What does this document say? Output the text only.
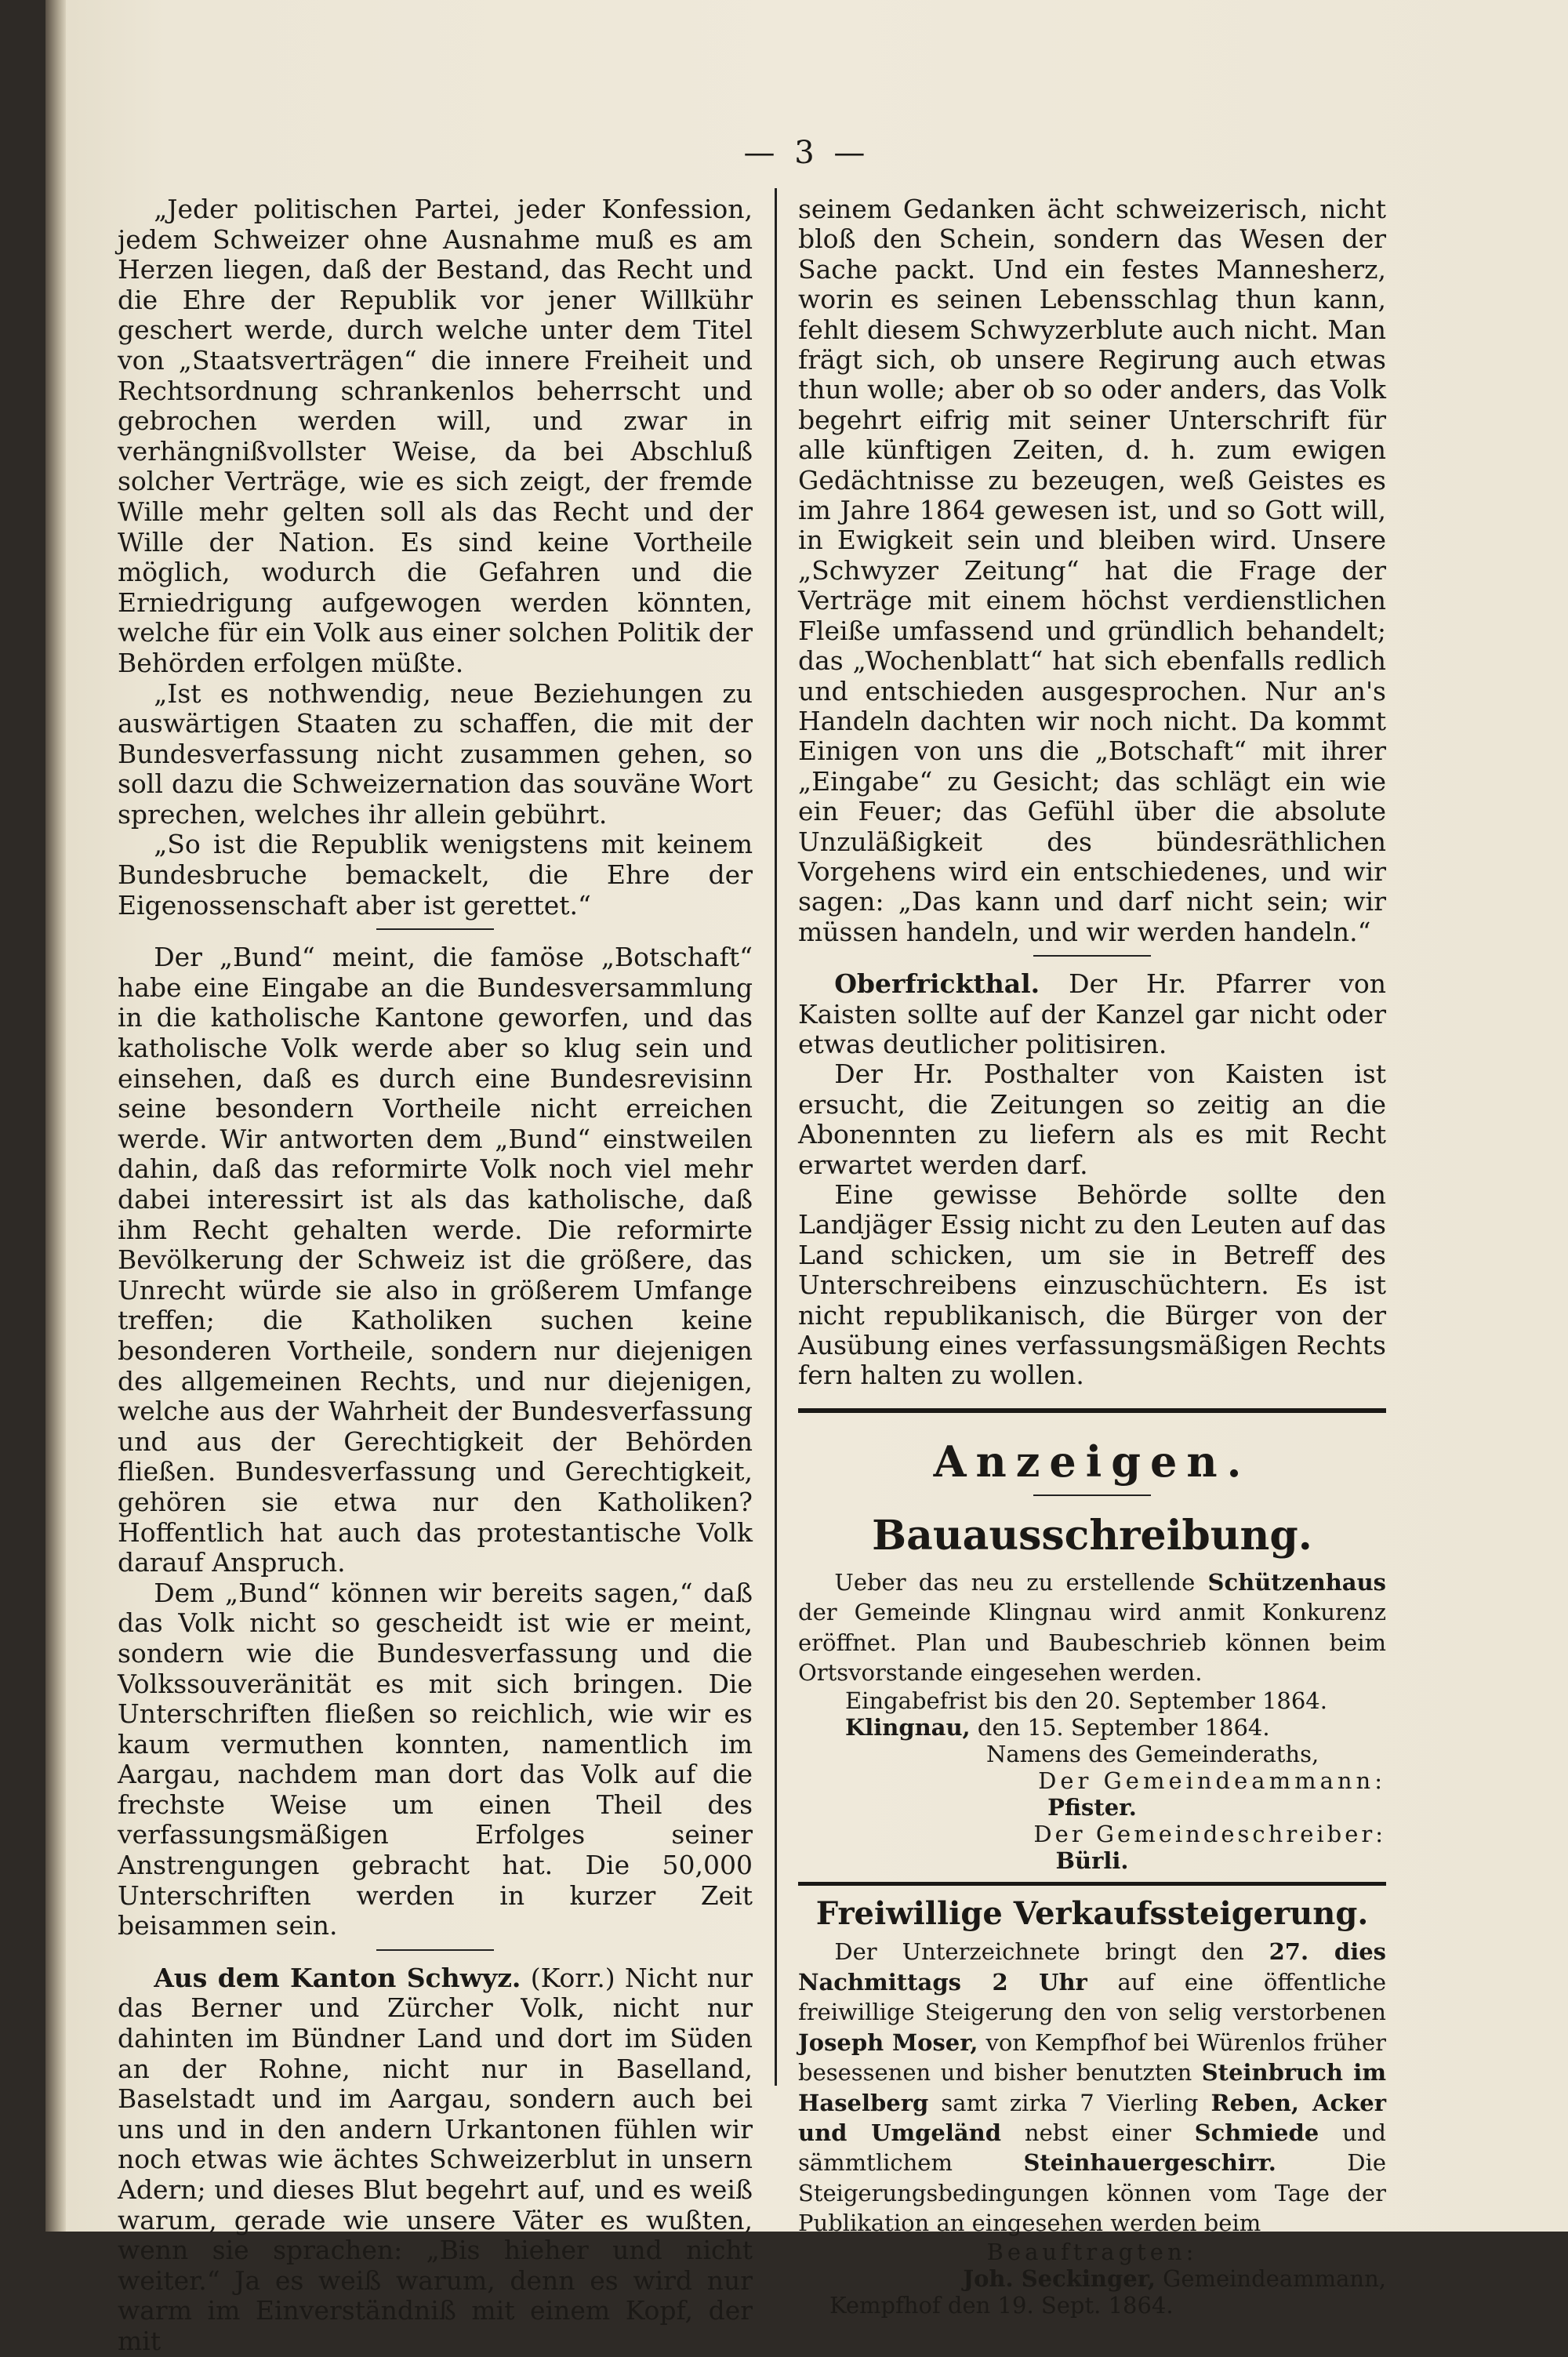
— 3 —

„Jeder politischen Partei, jeder Konfession, jedem Schweizer ohne Ausnahme muß es am Herzen liegen, daß der Bestand, das Recht und die Ehre der Republik vor jener Willkühr geschert werde, durch welche unter dem Titel von „Staatsverträgen“ die innere Freiheit und Rechtsordnung schrankenlos beherrscht und gebrochen werden will, und zwar in verhängnißvollster Weise, da bei Abschluß solcher Verträge, wie es sich zeigt, der fremde Wille mehr gelten soll als das Recht und der Wille der Nation. Es sind keine Vortheile möglich, wodurch die Gefahren und die Erniedrigung aufgewogen werden könnten, welche für ein Volk aus einer solchen Politik der Behörden erfolgen müßte.

„Ist es nothwendig, neue Beziehungen zu auswärtigen Staaten zu schaffen, die mit der Bundesverfassung nicht zusammen gehen, so soll dazu die Schweizernation das souväne Wort sprechen, welches ihr allein gebührt.

„So ist die Republik wenigstens mit keinem Bundesbruche bemackelt, die Ehre der Eigenossenschaft aber ist gerettet.“

Der „Bund“ meint, die famöse „Botschaft“ habe eine Eingabe an die Bundesversammlung in die katholische Kantone geworfen, und das katholische Volk werde aber so klug sein und einsehen, daß es durch eine Bundesrevisinn seine besondern Vortheile nicht erreichen werde. Wir antworten dem „Bund“ einstweilen dahin, daß das reformirte Volk noch viel mehr dabei interessirt ist als das katholische, daß ihm Recht gehalten werde. Die reformirte Bevölkerung der Schweiz ist die größere, das Unrecht würde sie also in größerem Umfange treffen; die Katholiken suchen keine besonderen Vortheile, sondern nur diejenigen des allgemeinen Rechts, und nur diejenigen, welche aus der Wahrheit der Bundesverfassung und aus der Gerechtigkeit der Behörden fließen. Bundesverfassung und Gerechtigkeit, gehören sie etwa nur den Katholiken? Hoffentlich hat auch das protestantische Volk darauf Anspruch.

Dem „Bund“ können wir bereits sagen,“ daß das Volk nicht so gescheidt ist wie er meint, sondern wie die Bundesverfassung und die Volkssouveränität es mit sich bringen. Die Unterschriften fließen so reichlich, wie wir es kaum vermuthen konnten, namentlich im Aargau, nachdem man dort das Volk auf die frechste Weise um einen Theil des verfassungsmäßigen Erfolges seiner Anstrengungen gebracht hat. Die 50,000 Unterschriften werden in kurzer Zeit beisammen sein.

Aus dem Kanton Schwyz. (Korr.) Nicht nur das Berner und Zürcher Volk, nicht nur dahinten im Bündner Land und dort im Süden an der Rohne, nicht nur in Baselland, Baselstadt und im Aargau, sondern auch bei uns und in den andern Urkantonen fühlen wir noch etwas wie ächtes Schweizerblut in unsern Adern; und dieses Blut begehrt auf, und es weiß warum, gerade wie unsere Väter es wußten, wenn sie sprachen: „Bis hieher und nicht weiter.“ Ja es weiß warum, denn es wird nur warm im Einverständniß mit einem Kopf, der mit

seinem Gedanken ächt schweizerisch, nicht bloß den Schein, sondern das Wesen der Sache packt. Und ein festes Mannesherz, worin es seinen Lebensschlag thun kann, fehlt diesem Schwyzerblute auch nicht. Man frägt sich, ob unsere Regirung auch etwas thun wolle; aber ob so oder anders, das Volk begehrt eifrig mit seiner Unterschrift für alle künftigen Zeiten, d. h. zum ewigen Gedächtnisse zu bezeugen, weß Geistes es im Jahre 1864 gewesen ist, und so Gott will, in Ewigkeit sein und bleiben wird. Unsere „Schwyzer Zeitung“ hat die Frage der Verträge mit einem höchst verdienstlichen Fleiße umfassend und gründlich behandelt; das „Wochenblatt“ hat sich ebenfalls redlich und entschieden ausgesprochen. Nur an's Handeln dachten wir noch nicht. Da kommt Einigen von uns die „Botschaft“ mit ihrer „Eingabe“ zu Gesicht; das schlägt ein wie ein Feuer; das Gefühl über die absolute Unzuläßigkeit des bündesräthlichen Vorgehens wird ein entschiedenes, und wir sagen: „Das kann und darf nicht sein; wir müssen handeln, und wir werden handeln.“

Oberfrickthal. Der Hr. Pfarrer von Kaisten sollte auf der Kanzel gar nicht oder etwas deutlicher politisiren.

Der Hr. Posthalter von Kaisten ist ersucht, die Zeitungen so zeitig an die Abonennten zu liefern als es mit Recht erwartet werden darf.

Eine gewisse Behörde sollte den Landjäger Essig nicht zu den Leuten auf das Land schicken, um sie in Betreff des Unterschreibens einzuschüchtern. Es ist nicht republikanisch, die Bürger von der Ausübung eines verfassungsmäßigen Rechts fern halten zu wollen.

Anzeigen.
Bauausschreibung.

Ueber das neu zu erstellende Schützenhaus der Gemeinde Klingnau wird anmit Konkurenz eröffnet. Plan und Baubeschrieb können beim Ortsvorstande eingesehen werden.

Eingabefrist bis den 20. September 1864.
Klingnau, den 15. September 1864.
Namens des Gemeinderaths,
Der Gemeindeammann:
Pfister.
Der Gemeindeschreiber:
Bürli.
Freiwillige Verkaufssteigerung.

Der Unterzeichnete bringt den 27. dies Nachmittags 2 Uhr auf eine öffentliche freiwillige Steigerung den von selig verstorbenen Joseph Moser, von Kempfhof bei Würenlos früher besessenen und bisher benutzten Steinbruch im Haselberg samt zirka 7 Vierling Reben, Acker und Umgeländ nebst einer Schmiede und sämmtlichem	Steinhauergeschirr.	Die Steigerungsbedingungen können vom Tage der Publikation an eingesehen werden beim

Beauftragten:
Joh. Seckinger, Gemeindeammann,
Kempfhof den 19. Sept. 1864.
